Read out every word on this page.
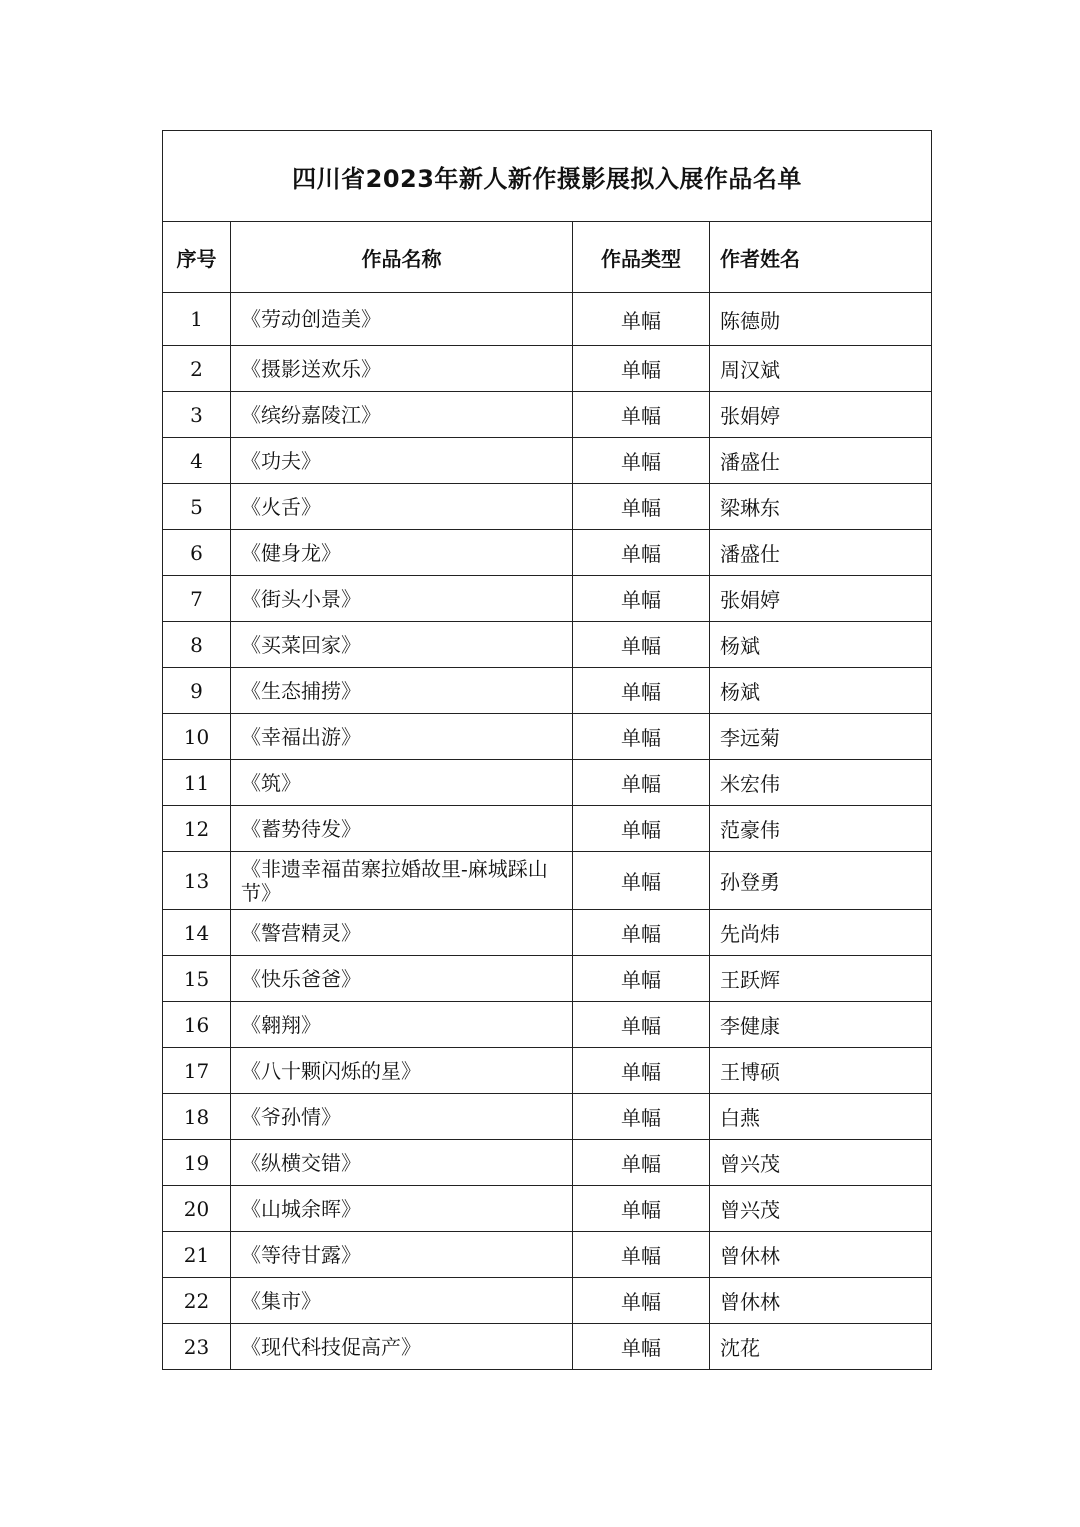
四川省2023年新人新作摄影展拟入展作品名单			
序号	作品名称	作品类型	作者姓名
1	《劳动创造美》	单幅	陈德勋
2	《摄影送欢乐》	单幅	周汉斌
3	《缤纷嘉陵江》	单幅	张娟婷
4	《功夫》	单幅	潘盛仕
5	《火舌》	单幅	梁琳东
6	《健身龙》	单幅	潘盛仕
7	《街头小景》	单幅	张娟婷
8	《买菜回家》	单幅	杨斌
9	《生态捕捞》	单幅	杨斌
10	《幸福出游》	单幅	李远菊
11	《筑》	单幅	米宏伟
12	《蓄势待发》	单幅	范豪伟
13	《非遗幸福苗寨拉婚故里-麻城踩山节》	单幅	孙登勇
14	《警营精灵》	单幅	先尚炜
15	《快乐爸爸》	单幅	王跃辉
16	《翱翔》	单幅	李健康
17	《八十颗闪烁的星》	单幅	王博硕
18	《爷孙情》	单幅	白燕
19	《纵横交错》	单幅	曾兴茂
20	《山城余晖》	单幅	曾兴茂
21	《等待甘露》	单幅	曾休林
22	《集市》	单幅	曾休林
23	《现代科技促高产》	单幅	沈花
